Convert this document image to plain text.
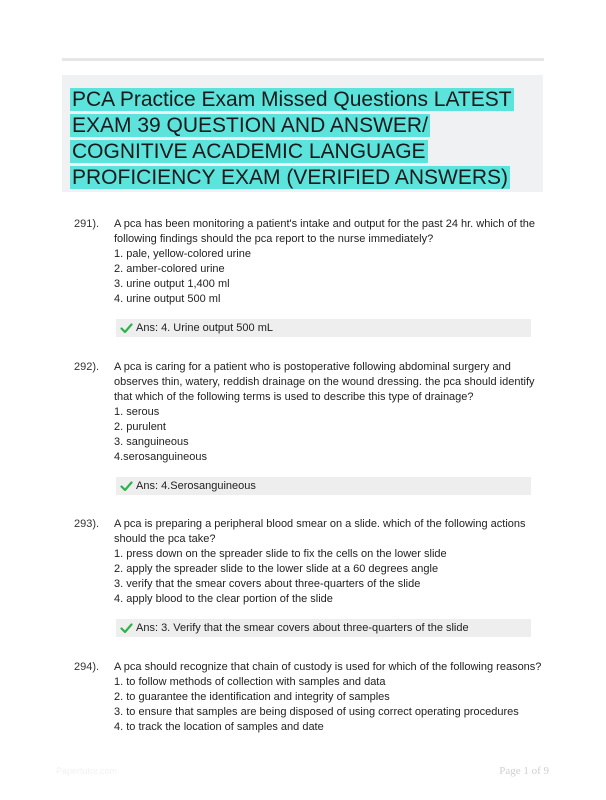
PCA Practice Exam Missed Questions LATEST EXAM 39 QUESTION AND ANSWER/ COGNITIVE ACADEMIC LANGUAGE PROFICIENCY EXAM (VERIFIED ANSWERS)
291). A pca has been monitoring a patient's intake and output for the past 24 hr. which of the following findings should the pca report to the nurse immediately?
1. pale, yellow-colored urine
2. amber-colored urine
3. urine output 1,400 ml
4. urine output 500 ml
Ans: 4. Urine output 500 mL
292). A pca is caring for a patient who is postoperative following abdominal surgery and observes thin, watery, reddish drainage on the wound dressing. the pca should identify that which of the following terms is used to describe this type of drainage?
1. serous
2. purulent
3. sanguineous
4.serosanguineous
Ans: 4.Serosanguineous
293). A pca is preparing a peripheral blood smear on a slide. which of the following actions should the pca take?
1. press down on the spreader slide to fix the cells on the lower slide
2. apply the spreader slide to the lower slide at a 60 degrees angle
3. verify that the smear covers about three-quarters of the slide
4. apply blood to the clear portion of the slide
Ans: 3. Verify that the smear covers about three-quarters of the slide
294). A pca should recognize that chain of custody is used for which of the following reasons?
1. to follow methods of collection with samples and data
2. to guarantee the identification and integrity of samples
3. to ensure that samples are being disposed of using correct operating procedures
4. to track the location of samples and date
Papertutor.com	Page 1 of 9
